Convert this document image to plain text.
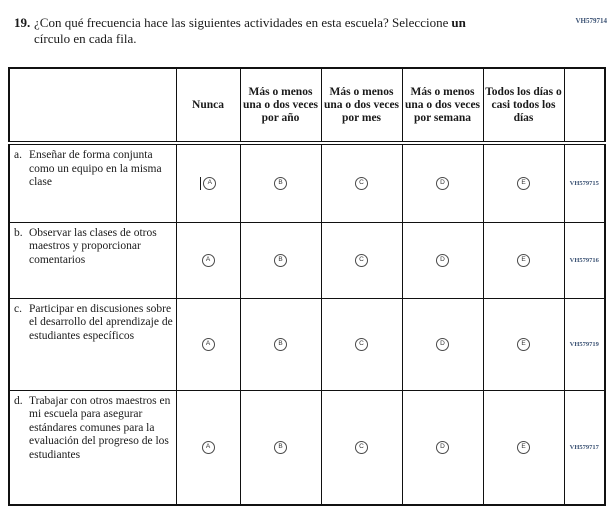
VH579714
19. ¿Con qué frecuencia hace las siguientes actividades en esta escuela? Seleccione un
círculo en cada fila.
	Nunca	Más o menos una o dos veces por año	Más o menos una o dos veces por mes	Más o menos una o dos veces por semana	Todos los días o casi todos los días	

a. Enseñar de forma conjunta como un equipo en la misma clase	A	B	C	D	E	VH579715

b. Observar las clases de otros maestros y proporcionar comentarios	A	B	C	D	E	VH579716

c. Participar en discusiones sobre el desarrollo del aprendizaje de estudiantes específicos	A	B	C	D	E	VH579719

d. Trabajar con otros maestros en mi escuela para asegurar estándares comunes para la evaluación del progreso de los estudiantes	A	B	C	D	E	VH579717
